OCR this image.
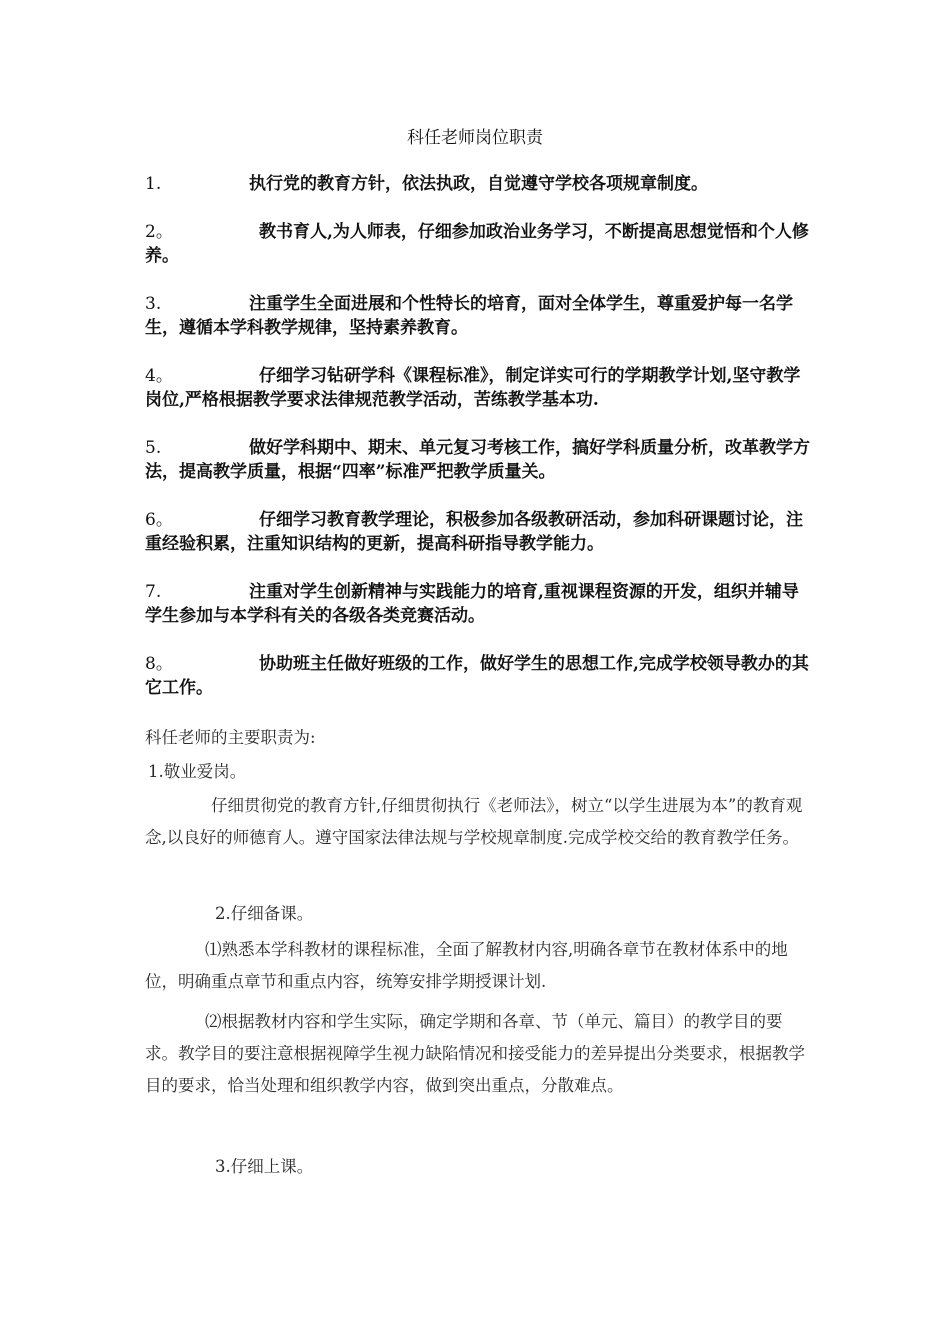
科任老师岗位职责
1.	执行党的教育方针，依法执政，自觉遵守学校各项规章制度。
2。	教书育人,为人师表，仔细参加政治业务学习，不断提高思想觉悟和个人修养。
3.	注重学生全面进展和个性特长的培育，面对全体学生，尊重爱护每一名学生，遵循本学科教学规律，坚持素养教育。
4。	仔细学习钻研学科《课程标准》，制定详实可行的学期教学计划,坚守教学岗位,严格根据教学要求法律规范教学活动，苦练教学基本功.
5.	做好学科期中、期末、单元复习考核工作，搞好学科质量分析，改革教学方法，提高教学质量，根据“四率”标准严把教学质量关。
6。	仔细学习教育教学理论，积极参加各级教研活动，参加科研课题讨论，注重经验积累，注重知识结构的更新，提高科研指导教学能力。
7.	注重对学生创新精神与实践能力的培育,重视课程资源的开发，组织并辅导学生参加与本学科有关的各级各类竞赛活动。
8。	协助班主任做好班级的工作，做好学生的思想工作,完成学校领导教办的其它工作。
科任老师的主要职责为:
1.敬业爱岗。
仔细贯彻党的教育方针,仔细贯彻执行《老师法》，树立“以学生进展为本”的教育观念,以良好的师德育人。遵守国家法律法规与学校规章制度.完成学校交给的教育教学任务。
2.仔细备课。
⑴熟悉本学科教材的课程标准，全面了解教材内容,明确各章节在教材体系中的地位，明确重点章节和重点内容，统筹安排学期授课计划.
⑵根据教材内容和学生实际，确定学期和各章、节（单元、篇目）的教学目的要求。教学目的要注意根据视障学生视力缺陷情况和接受能力的差异提出分类要求，根据教学目的要求，恰当处理和组织教学内容，做到突出重点，分散难点。
3.仔细上课。
